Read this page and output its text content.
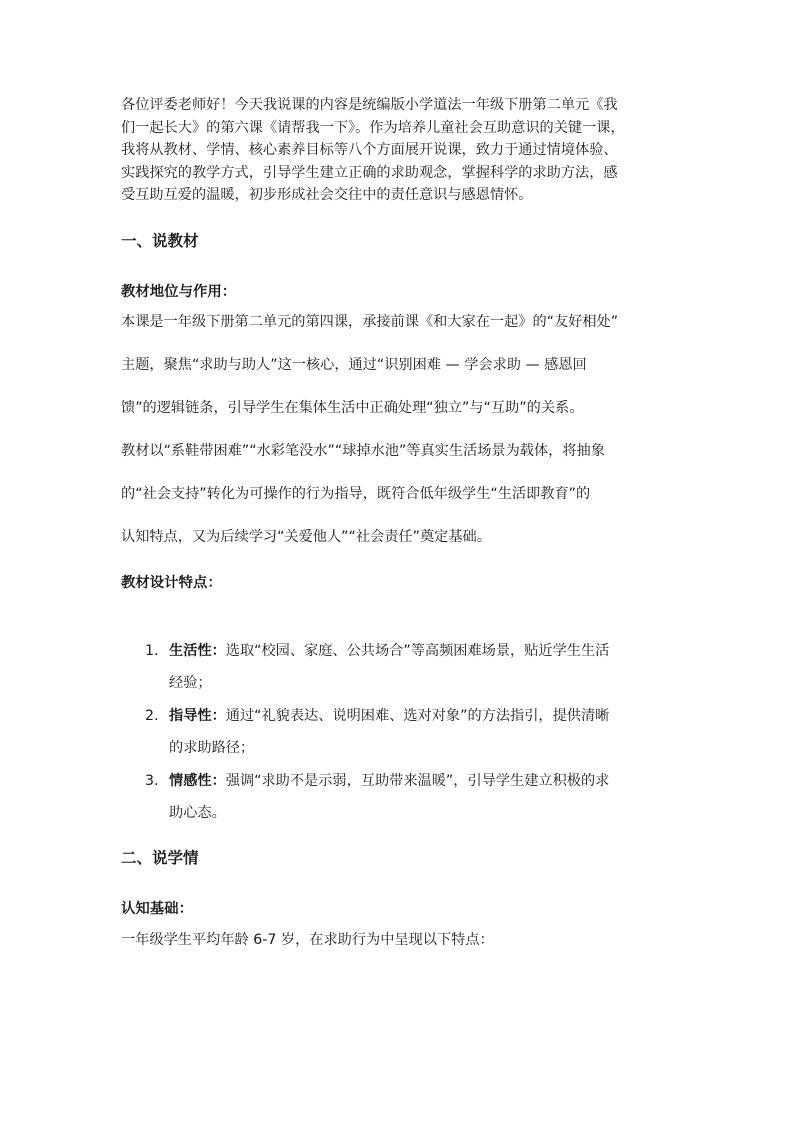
各位评委老师好！今天我说课的内容是统编版小学道法一年级下册第二单元《我
们一起长大》的第六课《请帮我一下》。作为培养儿童社会互助意识的关键一课，
我将从教材、学情、核心素养目标等八个方面展开说课，致力于通过情境体验、
实践探究的教学方式，引导学生建立正确的求助观念，掌握科学的求助方法，感
受互助互爱的温暖，初步形成社会交往中的责任意识与感恩情怀。

一、说教材
教材地位与作用：
本课是一年级下册第二单元的第四课，承接前课《和大家在一起》的“友好相处”
主题，聚焦“求助与助人”这一核心，通过“识别困难 — 学会求助 — 感恩回
馈”的逻辑链条，引导学生在集体生活中正确处理“独立”与“互助”的关系。
教材以“系鞋带困难”“水彩笔没水”“球掉水池”等真实生活场景为载体，将抽象
的“社会支持”转化为可操作的行为指导，既符合低年级学生“生活即教育”的
认知特点，又为后续学习“关爱他人”“社会责任”奠定基础。
教材设计特点：
1. 生活性：选取“校园、家庭、公共场合”等高频困难场景，贴近学生生活
经验；
2. 指导性：通过“礼貌表达、说明困难、选对对象”的方法指引，提供清晰
的求助路径；
3. 情感性：强调“求助不是示弱，互助带来温暖”，引导学生建立积极的求
助心态。
二、说学情
认知基础：
一年级学生平均年龄 6-7 岁，在求助行为中呈现以下特点：
